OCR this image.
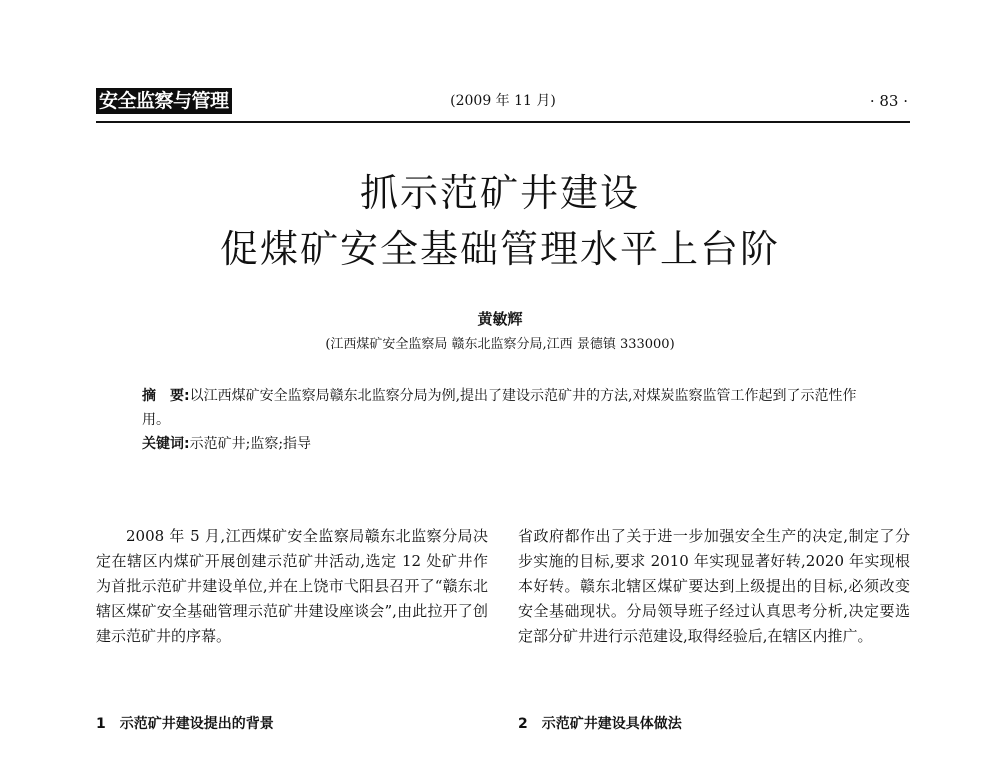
安全监察与管理	(2009 年 11 月)	· 83 ·
抓示范矿井建设
促煤矿安全基础管理水平上台阶
黄敏辉
(江西煤矿安全监察局 赣东北监察分局,江西 景德镇 333000)

摘　要:以江西煤矿安全监察局赣东北监察分局为例,提出了建设示范矿井的方法,对煤炭监察监管工作起到了示范性作用。

关键词:示范矿井;监察;指导

2008 年 5 月,江西煤矿安全监察局赣东北监察分局决定在辖区内煤矿开展创建示范矿井活动,选定 12 处矿井作为首批示范矿井建设单位,并在上饶市弋阳县召开了“赣东北辖区煤矿安全基础管理示范矿井建设座谈会”,由此拉开了创建示范矿井的序幕。

省政府都作出了关于进一步加强安全生产的决定,制定了分步实施的目标,要求 2010 年实现显著好转,2020 年实现根本好转。赣东北辖区煤矿要达到上级提出的目标,必须改变安全基础现状。分局领导班子经过认真思考分析,决定要选定部分矿井进行示范建设,取得经验后,在辖区内推广。

1　示范矿井建设提出的背景	2　示范矿井建设具体做法
